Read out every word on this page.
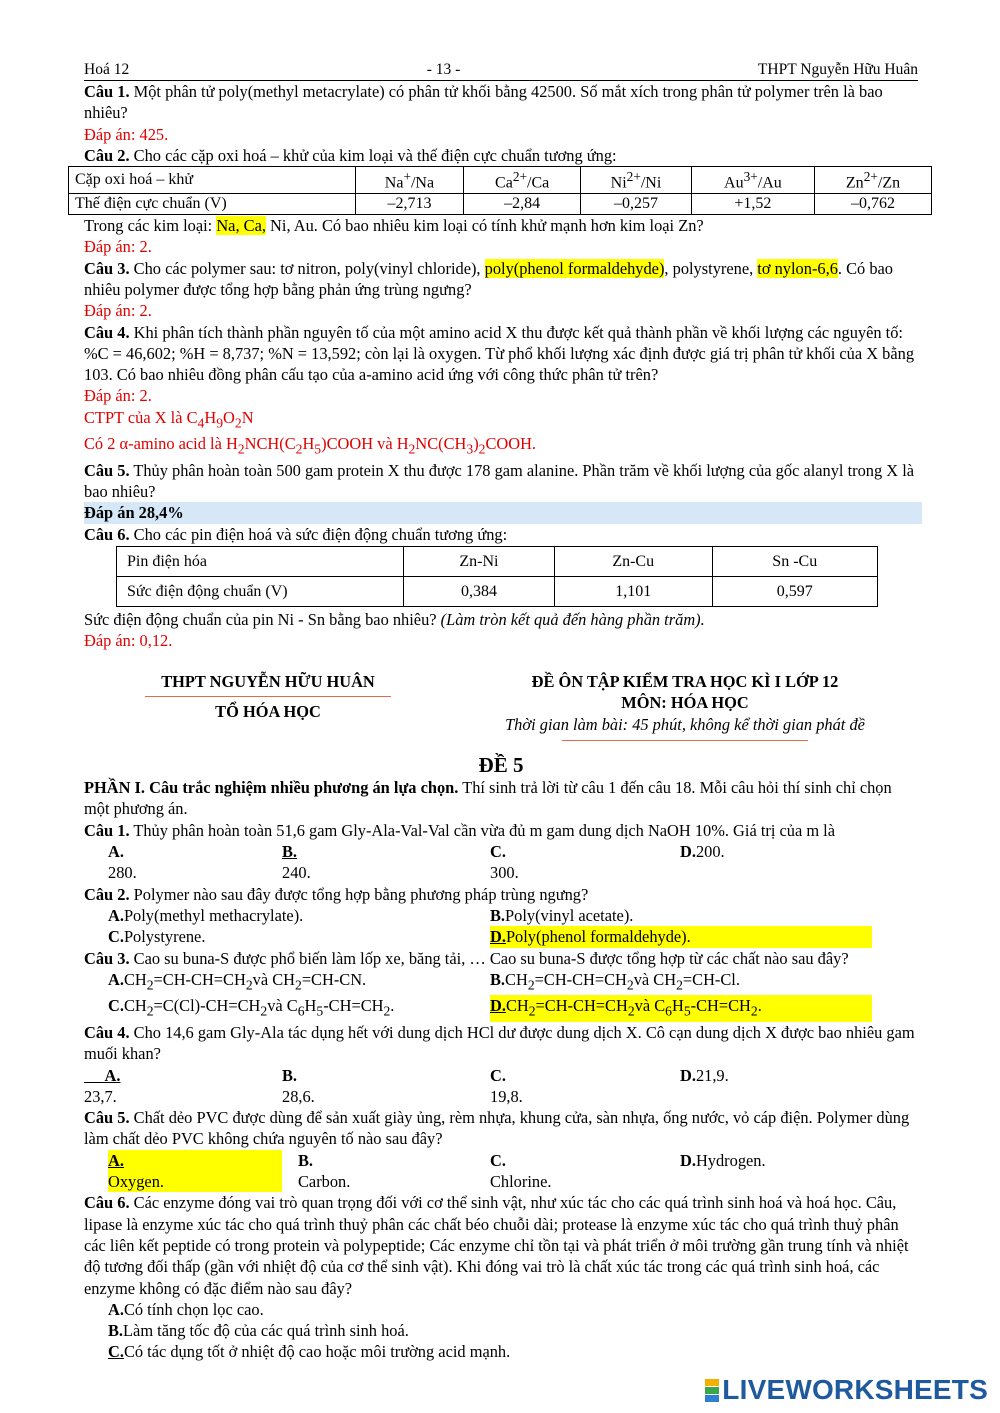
Hoá 12	- 13 -	THPT Nguyễn Hữu Huân

Câu 1. Một phân tử poly(methyl metacrylate) có phân tử khối bằng 42500. Số mắt xích trong phân tử polymer trên là bao nhiêu?

Đáp án: 425.

Câu 2. Cho các cặp oxi hoá – khử của kim loại và thế điện cực chuẩn tương ứng:

Cặp oxi hoá – khử	Na+/Na	$Ca^{2+}/Ca$	$Ni^{2+}/Ni$	$Au^{3+}/Au$	$Zn^{2+}/Zn$
Thế điện cực chuẩn (V)	–2,713	–2,84	–0,257	+1,52	–0,762

Trong các kim loại: Na, Ca, Ni, Au. Có bao nhiêu kim loại có tính khử mạnh hơn kim loại Zn?

Đáp án: 2.

Câu 3. Cho các polymer sau: tơ nitron, poly(vinyl chloride), poly(phenol formaldehyde), polystyrene, tơ nylon-6,6. Có bao nhiêu polymer được tổng hợp bằng phản ứng trùng ngưng?

Đáp án: 2.

Câu 4. Khi phân tích thành phần nguyên tố của một amino acid X thu được kết quả thành phần về khối lượng các nguyên tố: %C = 46,602; %H = 8,737; %N = 13,592; còn lại là oxygen. Từ phổ khối lượng xác định được giá trị phân tử khối của X bằng 103. Có bao nhiêu đồng phân cấu tạo của a-amino acid ứng với công thức phân tử trên?

Đáp án: 2.

CTPT của X là $C_4H_9O_2N$

Có 2 α-amino acid là $H_2NCH(C_2H_5)COOH$ và $H_2NC(CH_3)_2COOH$.

Câu 5. Thủy phân hoàn toàn 500 gam protein X thu được 178 gam alanine. Phần trăm về khối lượng của gốc alanyl trong X là bao nhiêu?

Đáp án 28,4%

Câu 6. Cho các pin điện hoá và sức điện động chuẩn tương ứng:

Pin điện hóa	Zn-Ni	Zn-Cu	Sn -Cu
Sức điện động chuẩn (V)	0,384	1,101	0,597

Sức điện động chuẩn của pin Ni - Sn bằng bao nhiêu? (Làm tròn kết quả đến hàng phần trăm).

Đáp án: 0,12.

THPT NGUYỄN HỮU HUÂN
TỔ HÓA HỌC
ĐỀ ÔN TẬP KIỂM TRA HỌC KÌ I LỚP 12
MÔN: HÓA HỌC
Thời gian làm bài: 45 phút, không kể thời gian phát đề
ĐỀ 5

PHẦN I. Câu trắc nghiệm nhiều phương án lựa chọn. Thí sinh trả lời từ câu 1 đến câu 18. Mỗi câu hỏi thí sinh chỉ chọn một phương án.

Câu 1. Thủy phân hoàn toàn 51,6 gam Gly-Ala-Val-Val cần vừa đủ m gam dung dịch NaOH 10%. Giá trị của m là

A.280.
B.240.
C.300.
D.200.

Câu 2. Polymer nào sau đây được tổng hợp bằng phương pháp trùng ngưng?

A.Poly(methyl methacrylate).	B.Poly(vinyl acetate).
C.Polystyrene.	D.Poly(phenol formaldehyde).

Câu 3. Cao su buna-S được phổ biến làm lốp xe, băng tải, … Cao su buna-S được tổng hợp từ các chất nào sau đây?

$A.CH_2=CH-CH=CH_2và$ $CH_2=CH-CN$.	$B.CH_2=CH-CH=CH_2và$ $CH_2=CH-Cl$.
$C.CH_2=C(Cl)-CH=CH_2và$ $C_6H_5-CH=CH_2$.	$D.CH_2=CH-CH=CH_2và$ $C_6H_5-CH=CH_2$.

Câu 4. Cho 14,6 gam Gly-Ala tác dụng hết với dung dịch HCl dư được dung dịch X. Cô cạn dung dịch X được bao nhiêu gam muối khan?

A.23,7.
B.28,6.
C.19,8.
D.21,9.

Câu 5. Chất dẻo PVC được dùng để sản xuất giày ủng, rèm nhựa, khung cửa, sàn nhựa, ống nước, vỏ cáp điện. Polymer dùng làm chất dẻo PVC không chứa nguyên tố nào sau đây?

A.Oxygen.
B.Carbon.
C.Chlorine.
D.Hydrogen.

Câu 6. Các enzyme đóng vai trò quan trọng đối với cơ thể sinh vật, như xúc tác cho các quá trình sinh hoá và hoá học. Câu, lipase là enzyme xúc tác cho quá trình thuỷ phân các chất béo chuỗi dài; protease là enzyme xúc tác cho quá trình thuỷ phân các liên kết peptide có trong protein và polypeptide; Các enzyme chỉ tồn tại và phát triển ở môi trường gần trung tính và nhiệt độ tương đối thấp (gần với nhiệt độ của cơ thể sinh vật). Khi đóng vai trò là chất xúc tác trong các quá trình sinh hoá, các enzyme không có đặc điểm nào sau đây?

A.Có tính chọn lọc cao.
B.Làm tăng tốc độ của các quá trình sinh hoá.
C.Có tác dụng tốt ở nhiệt độ cao hoặc môi trường acid mạnh.
LIVEWORKSHEETS
